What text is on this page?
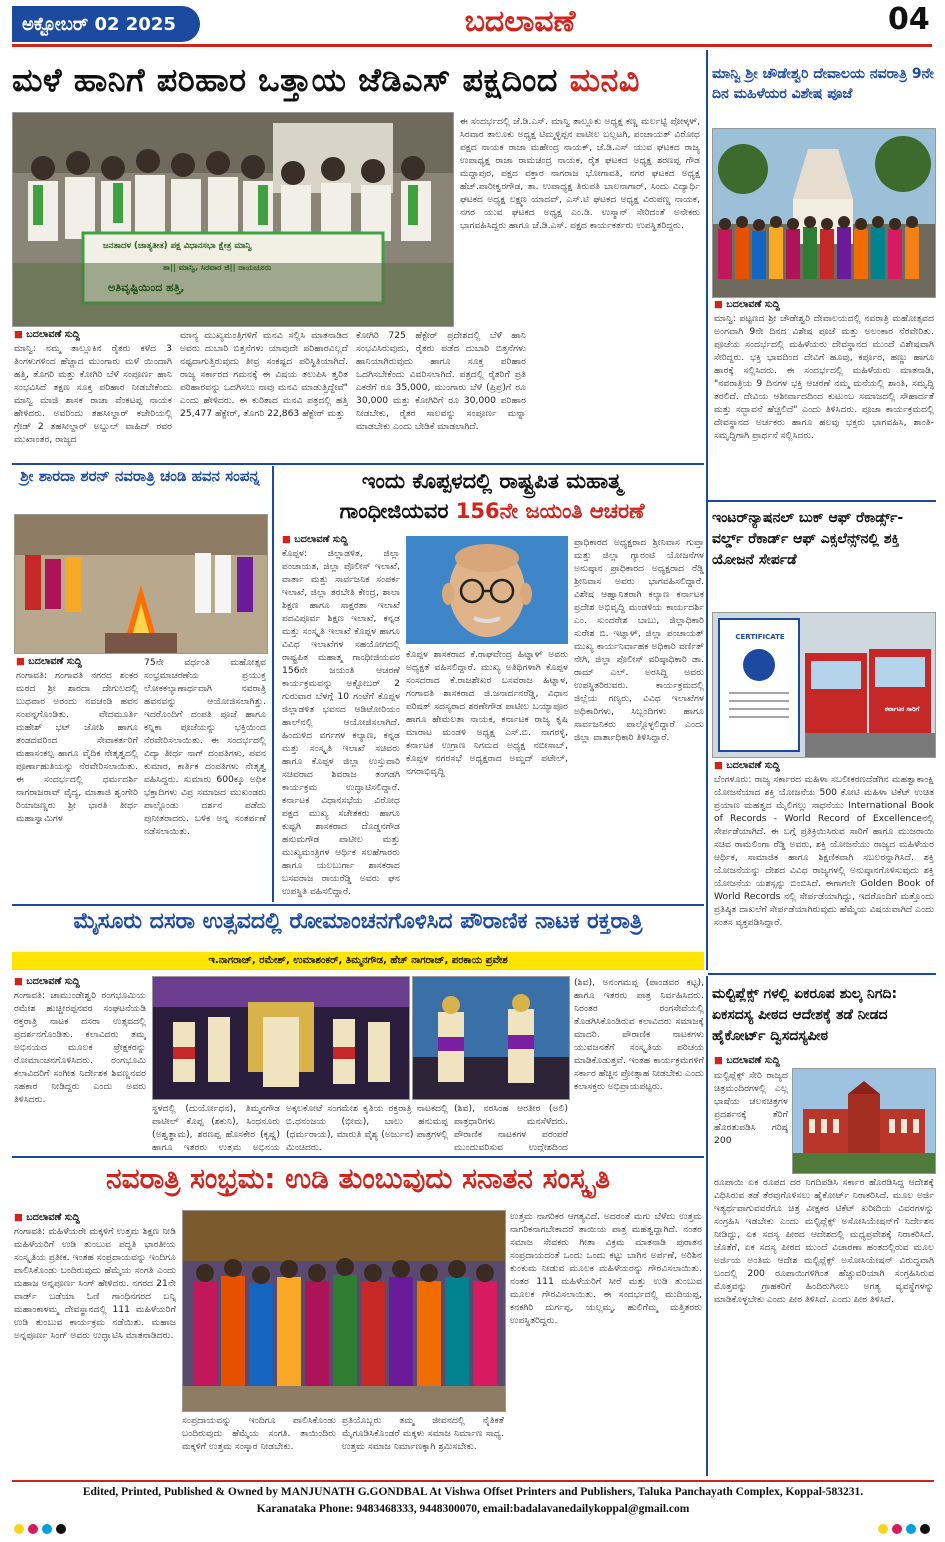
ಅಕ್ಟೋಬರ್ 02 2025	ಬದಲಾವಣೆ	04
ಮಳೆ ಹಾನಿಗೆ ಪರಿಹಾರ ಒತ್ತಾಯ ಜೆಡಿಎಸ್ ಪಕ್ಷದಿಂದ ಮನವಿ
ಜನತಾದಳ (ಜಾತ್ಯತೀತ) ಪಕ್ಷ ವಿಧಾನಸಭಾ ಕ್ಷೇತ್ರ ಮಾನ್ವಿ
ತಾ|| ಮಾನ್ವಿ, ಸಿರವಾರ ಜಿ|| ರಾಯಚೂರು
ಅತಿವೃಷ್ಟಿಯಿಂದ ಹತ್ತಿ,
■ ಬದಲಾವಣೆ ಸುದ್ದಿ
ಮಾನ್ವಿ: ನಮ್ಮ ತಾಲ್ಲೂಕಿನ ರೈತರು ಕಳೆದ 3 ತಿಂಗಳುಗಳಿಂದ ಹೆಚ್ಚಾದ ಮುಂಗಾರು ಮಳೆ ಯಿಂದಾಗಿ ಹತ್ತಿ, ತೊಗರಿ ಮತ್ತು ಕೋಗಿರಿ ಬೆಳೆ ಸಂಪೂರ್ಣ ಹಾನಿ ಸಂಭವಿಸಿದೆ ತಕ್ಷಣ ಸೂಕ್ತ ಪರಿಹಾರ ನೀಡಬೇಕೆಂದು ಮಾನ್ವಿ ಮಾಜಿ ಶಾಸಕ ರಾಜಾ ವೆಂಕಟಪ್ಪ ನಾಯಕ ಹೇಳಿದರು. ಅವರಿಂದು ತಹಸೀಲ್ದಾರ್ ಕಚೇರಿಯಲ್ಲಿ ಗ್ರೇಡ್ 2 ತಹಸೀಲ್ದಾರ್ ಅಬ್ದುಲ್ ವಾಹಿದ್ ರವರ ಮುಖಾಂತರ, ರಾಜ್ಯದ
ಮಾನ್ಯ ಮುಖ್ಯಮಂತ್ರಿಗಳಿಗೆ ಮನವಿ ಸಲ್ಲಿಸಿ ಮಾತನಾಡಿದ ಅವರು ದುಬಾರಿ ಬಿತ್ತನೆಗಳು ಯಾವುದೇ ಪರಿಹಾರವಿಲ್ಲದೆ ನಷ್ಟದಾಗುತ್ತಿರುವುದು ತೀವ್ರ ಸಂಕಷ್ಟದ ಪರಿಸ್ಥಿತಿಯಾಗಿದೆ. ರಾಜ್ಯ ಸರ್ಕಾರದ ಗಮನಕ್ಕೆ ಈ ವಿಷಯ ತಲುಪಿಸಿ ತ್ವರಿತ ಪರಿಹಾರವನ್ನು ಒದಗಿಸಲು ನಾವು ಮನವಿ ಮಾಡುತ್ತಿದ್ದೇವೆ" ಎಂದು ಹೇಳಿದರು. ಈ ಕುರಿತಾದ ಮನವಿ ಪತ್ರದಲ್ಲಿ ಹತ್ತಿ 25,477 ಹೆಕ್ಟೇರ್, ತೊಗರಿ 22,863 ಹೆಕ್ಟೇರ್ ಮತ್ತು
ಕೋಗಿರಿ 725 ಹೆಕ್ಟೇರ್ ಪ್ರದೇಶದಲ್ಲಿ ಬೆಳೆ ಹಾನಿ ಸಂಭವಿಸಿರುವುದು, ರೈತರು ಪಡೆದ ದುಬಾರಿ ಬಿತ್ತನೆಗಳು ಹಾನಿಯಾಗಿರುವುದು ಹಾಗೂ ಸೂಕ್ತ ಪರಿಹಾರ ಒದಗಿಸಬೇಕೆಂದು ವಿವರಿಸಲಾಗಿದೆ. ಪತ್ರದಲ್ಲಿ ರೈತರಿಗೆ ಪ್ರತಿ ಎಕರೆಗೆ ರೂ 35,000, ಮುಂಗಾರು ಬೆಳೆ (ಪ್ರಿಪ್ರ)ಗೆ ರೂ 30,000 ಮತ್ತು ಕೋಗಿರಿಗೆ ರೂ 30,000 ಪರಿಹಾರ ನೀಡಬೇಕು, ರೈತರ ಸಾಲವನ್ನು ಸಂಪೂರ್ಣ ಮನ್ನಾ ಮಾಡಬೇಕು ಎಂದು ಬೇಡಿಕೆ ಮಾಡಲಾಗಿದೆ.
ಈ ಸಂದರ್ಭದಲ್ಲಿ ಜೆ.ಡಿ.ಎಸ್. ಮಾನ್ವಿ ತಾಲ್ಲೂಕು ಅಧ್ಯಕ್ಷ ಕಣ್ಣ ಮರ್ಲಟ್ಟಿ ಪೋಳ್ಕಳ್, ಸಿರವಾರ ತಾಲೂಕು ಅಧ್ಯಕ್ಷ ಟಿಮ್ಮಳ್ಳಿಪ್ಪನ ಪಾಟೀಲ ಬಲ್ಲಟಗಿ, ಪಂಚಾಯತ್ ವಿರೋಧ ಪಕ್ಷದ ನಾಯಕ ರಾಜಾ ಮಹೇಂದ್ರ ನಾಯಕ್, ಜೆ.ಡಿ.ಎಸ್ ಯುವ ಘಟಕದ ರಾಜ್ಯ ಉಪಾಧ್ಯಕ್ಷ ರಾಜಾ ರಾಮಚಂದ್ರ ನಾಯಕ, ರೈತ ಘಟಕದ ಅಧ್ಯಕ್ಷ ಶರಣಪ್ಪ ಗೌಡ ಮದ್ದಾಪುರ, ಪಕ್ಷದ ವಕ್ತಾರ ನಾಗರಾಜ ಭೋಗಾವತಿ, ನಗರ ಘಟಕದ ಅಧ್ಯಕ್ಷ ಹೆಚ್.ಪಾರೀಕ್ವರಗೌಡ, ತಾ. ಉಪಾಧ್ಯಕ್ಷ ತಿರುಪತಿ ಬಾಲನಾಗಾರ್, ಸಿಂದು ವಿದ್ಯಾರ್ಥಿ ಘಟಕದ ಅಧ್ಯಕ್ಷ ಲಕ್ಷ್ಮಣ ಯಾದವ್, ಎಸ್.ಟಿ ಘಟಕದ ಅಧ್ಯಕ್ಷ ವಿರುಪಣ್ಣ ನಾಯಕ, ನಗರ ಯುವ ಘಟಕದ ಅಧ್ಯಕ್ಷ ಎಂ.ಡಿ. ಉಸ್ಮಾನ್ ಸೇರಿದಂತೆ ಅನೇಕರು ಭಾಗವಹಿಸಿದ್ದರು ಹಾಗೂ ಜೆ.ಡಿ.ಎಸ್. ಪಕ್ಷದ ಕಾರ್ಯಕರ್ತರು ಉಪಸ್ಥಿತರಿದ್ದರು.
ಮಾನ್ವಿ ಶ್ರೀ ಚೌಡೇಶ್ವರಿ ದೇವಾಲಯ ನವರಾತ್ರಿ 9ನೇ ದಿನ ಮಹಿಳೆಯರ ವಿಶೇಷ ಪೂಜೆ
■ ಬದಲಾವಣೆ ಸುದ್ದಿ
ಮಾನ್ವಿ: ಪಟ್ಟಣದ ಶ್ರೀ ಚೌಡೇಶ್ವರಿ ದೇವಾಲಯದಲ್ಲಿ ನವರಾತ್ರಿ ಮಹೋತ್ಸವದ ಅಂಗವಾಗಿ 9ನೇ ದಿನದ ವಿಶೇಷ ಪೂಜೆ ಮತ್ತು ಅಲಂಕಾರ ನೆರವೇರಿತು. ಪೂಜೆಯ ಸಂದರ್ಭದಲ್ಲಿ ಮಹಿಳೆಯರು ದೇವಸ್ಥಾನದ ಮುಂದೆ ವಿಶೇಷವಾಗಿ ಸೇರಿದ್ದರು. ಭಕ್ತಿ ಭಾವದಿಂದ ದೇವಿಗೆ ಹೂವು, ಕರ್ಪೂರ, ಹಣ್ಣು ಹಾಗೂ ಹಾರಕ್ಕೆ ಸಲ್ಲಿಸಿದರು. ಈ ಸಂದರ್ಭದಲ್ಲಿ ಮಹಿಳೆಯರು ಮಾತನಾಡಿ, "ನವರಾತ್ರಿಯ 9 ದಿನಗಳ ಭಕ್ತಿ ಆಚರಣೆ ನಮ್ಮ ಮನೆಯಲ್ಲಿ ಶಾಂತಿ, ಸಮೃದ್ಧಿ ತರಲಿದೆ. ದೇವಿಯ ಆಶೀರ್ವಾದದಿಂದ ಕುಟುಂಬ ಸಮಾಜದಲ್ಲಿ ಸೌಹಾರ್ದತೆ ಮತ್ತು ಸದ್ಭಾವನೆ ಹೆಚ್ಚಲಿದೆ" ಎಂದು ತಿಳಿಸಿದರು. ಪೂಜಾ ಕಾರ್ಯಕ್ರಮದಲ್ಲಿ ದೇವಸ್ಥಾನದ ಅರ್ಚಕರು ಹಾಗೂ ಹಲವು ಭಕ್ತರು ಭಾಗವಹಿಸಿ, ಶಾಂತಿ-ಸಮೃದ್ಧಿಗಾಗಿ ಪ್ರಾರ್ಥನೆ ಸಲ್ಲಿಸಿದರು.
ಶ್ರೀ ಶಾರದಾ ಶರನ್ ನವರಾತ್ರಿ ಚಂಡಿ ಹವನ ಸಂಪನ್ನ
■ ಬದಲಾವಣೆ ಸುದ್ದಿ
ಗಂಗಾವತಿ: ಗಂಗಾವತಿ ನಗರದ ಶಂಕರ ಮಠದ ಶ್ರೀ ಶಾರದಾ ದೇಗುಲದಲ್ಲಿ ಬುಧವಾರ ಅರಂದು ನವಚಂಡಿ ಹವನ ಸಂಪನ್ನಗೊಂಡಿತು. ವೇದಮೂರ್ತಿ ಮಹೇಶ್ ಭಟ್ ಜೋಶಿ ಹಾಗೂ ತಂಡದವರಿಂದ ಸೇವಾಕರ್ತರಿಗೆ ಮಹಾಸಂಕಲ್ಪ ಹಾಗೂ ವೈದಿಕ ನೇತೃತ್ವದಲ್ಲಿ ಪೂರ್ಣಾಹುತಿಯನ್ನು ನೆರವೇರಿಸಲಾಯಿತು. ಈ ಸಂದರ್ಭದಲ್ಲಿ ಧರ್ಮದರ್ಶಿ ನಾಗರಾಜರಾವ್ ವೈದ್ಯ, ಮಾತಾಜಿ ಶೃಂಗೇರಿ ರಿಯಾಜಣ್ಣರು ಶ್ರೀ ಭಾರತಿ ತೀರ್ಥ ಮಹಾಸ್ವಾಮಿಗಳ
75ನೇ ವರ್ಧಂತಿ ಮಹೋತ್ಸವ ಸಂಭ್ರಮಾಚರಣೆಯ ಪ್ರಯುಕ್ತ ಲೋಕಕಲ್ಯಾಣಾರ್ಥವಾಗಿ ನವರಾತ್ರಿ ಹವನವನ್ನು ಆಯೋಜಿಸಲಾಗಿತ್ತು. ಇದರೊಂದಿಗೆ ದಂಪತಿ ಪೂಜೆ ಹಾಗೂ ಕನ್ನಿಕಾ ಪೂಜೆಯನ್ನು ಭಕ್ತಿಯಿಂದ ನೆರವೇರಿಸಲಾಯಿತು. ಈ ಸಂದರ್ಭದಲ್ಲಿ ವಿದ್ಯಾ ತೀರ್ಥ ನಾಗ್ ದಂಪತಿಗಳು, ಪವನ ಕುಮಾರ, ಕಾರ್ತಿಕ ದಂಪತಿಗಳು ನೇತೃತ್ವ ವಹಿಸಿದ್ದರು. ಸುಮಾರು 600ಕ್ಕೂ ಅಧಿಕ ಭಕ್ತಾದಿಗಳು ವಿಪ್ರ ಸಮಾಜದ ಮುಖಂಡರು ಪಾಲ್ಗೊಂಡು ದರ್ಶನ ಪಡೆದು ಪುನೀತರಾದರು. ಬಳಿಕ ಅನ್ನ ಸಂತರ್ಪಣೆ ನಡೆಸಲಾಯಿತು.
ಇಂದು ಕೊಪ್ಪಳದಲ್ಲಿ ರಾಷ್ಟ್ರಪಿತ ಮಹಾತ್ಮ
ಗಾಂಧೀಜಿಯವರ 156ನೇ ಜಯಂತಿ ಆಚರಣೆ
■ ಬದಲಾವಣೆ ಸುದ್ದಿ
ಕೊಪ್ಪಳ: ಜಿಲ್ಲಾಡಳಿತ, ಜಿಲ್ಲಾ ಪಂಚಾಯತ, ಜಿಲ್ಲಾ ಪೊಲೀಸ್ ಇಲಾಖೆ, ವಾರ್ತಾ ಮತ್ತು ಸಾರ್ವಜನಿಕ ಸಂಪರ್ಕ ಇಲಾಖೆ, ಜಿಲ್ಲಾ ತರಬೇತಿ ಕೇಂದ್ರ, ಶಾಲಾ ಶಿಕ್ಷಣ ಹಾಗೂ ಸಾಕ್ಷರತಾ ಇಲಾಖೆ ಪದವಿಪೂರ್ವ ಶಿಕ್ಷಣ ಇಲಾಖೆ, ಕನ್ನಡ ಮತ್ತು ಸಂಸ್ಕೃತಿ ಇಲಾಖೆ ಕೊಪ್ಪಳ ಹಾಗೂ ವಿವಿಧ ಇಲಾಖೆಗಳ ಸಹಯೋಗದಲ್ಲಿ ರಾಷ್ಟ್ರಪಿತ ಮಹಾತ್ಮ ಗಾಂಧೀಜಿಯವರ 156ನೇ ಜಯಂತಿ ಆಚರಣೆ ಕಾರ್ಯಕ್ರಮವನ್ನು ಅಕ್ಟೋಬರ್ 2 ಗುರುವಾರ ಬೆಳಗ್ಗೆ 10 ಗಂಟೆಗೆ ಕೊಪ್ಪಳ ಜಿಲ್ಲಾಡಳಿತ ಭವನದ ಆಡಿಟೋರಿಯಂ ಹಾಲ್‌ನಲ್ಲಿ ಆಯೋಜಿಸಲಾಗಿದೆ. ಹಿಂದುಳಿದ ವರ್ಗಗಳ ಕಲ್ಯಾಣ, ಕನ್ನಡ ಮತ್ತು ಸಂಸ್ಕೃತಿ ಇಲಾಖೆ ಸಚಿವರು ಹಾಗೂ ಕೊಪ್ಪಳ ಜಿಲ್ಲಾ ಉಸ್ತುವಾರಿ ಸಚಿವರಾದ ಶಿವರಾಜ ತಂಗಡಗಿ ಕಾರ್ಯಕ್ರಮ ಉದ್ಘಾಟಿಸಲಿದ್ದಾರೆ. ಕರ್ನಾಟಕ ವಿಧಾನಸಭೆಯ ವಿರೋಧ ಪಕ್ಷದ ಮುಖ್ಯ ಸಚೇತಕರು ಹಾಗೂ ಕುಷ್ಟಗಿ ಶಾಸಕರಾದ ದೊಡ್ಡನಗೌಡ ಹನುಮಗೌಡ ಪಾಟೀಲ ಮತ್ತು ಮುಖ್ಯಮಂತ್ರಿಗಳ ಆರ್ಥಿಕ ಸಲಹೆಗಾರರು ಹಾಗೂ ಯಲಬುರ್ಗಾ ಶಾಸಕರಾದ ಬಸವರಾಜ ರಾಯರೆಡ್ಡಿ ಅವರು ಘನ ಉಪಸ್ಥಿತಿ ವಹಿಸಲಿದ್ದಾರೆ.
ಕೊಪ್ಪಳ ಶಾಸಕರಾದ ಕೆ.ರಾಘವೇಂದ್ರ ಹಿಟ್ನಾಳ್ ಅವರು ಅಧ್ಯಕ್ಷತೆ ವಹಿಸಲಿದ್ದಾರೆ. ಮುಖ್ಯ ಅತಿಥಿಗಳಾಗಿ ಕೊಪ್ಪಳ ಸಂಸದರಾದ ಕೆ.ರಾಜಶೇಖರ ಬಸವರಾಜ ಹಿಟ್ನಾಳ, ಗಂಗಾವತಿ ಶಾಸಕರಾದ ಜಿ.ಜನಾರ್ದನರೆಡ್ಡಿ, ವಿಧಾನ ಪರಿಷತ್ ಸದಸ್ಯರಾದ ಶರಣೇಗೌಡ ಪಾಟೀಲ ಬಯ್ಯಾಪೂರ ಹಾಗೂ ಹೇಮಲತಾ ನಾಯಕ, ಕರ್ನಾಟಕ ರಾಜ್ಯ ಕೃಷಿ ಮಾರಾಟ ಮಂಡಳಿ ಅಧ್ಯಕ್ಷ ಎಸ್.ಬಿ. ನಾಗರಳ್ಳಿ, ಕರ್ನಾಟಕ ಉಗ್ರಾಣ ನಿಗಮದ ಅಧ್ಯಕ್ಷ ನಬೀಸಾಬ್, ಕೊಪ್ಪಳ ನಗರಸಭೆ ಅಧ್ಯಕ್ಷರಾದ ಅಮ್ಜದ್ ಪಟೇಲ್, ನಗರಾಭಿವೃದ್ಧಿ
ಪ್ರಾಧಿಕಾರದ ಅಧ್ಯಕ್ಷರಾದ ಶ್ರೀನಿವಾಸ ಗುಪ್ತಾ ಮತ್ತು ಜಿಲ್ಲಾ ಗ್ಯಾರಂಟಿ ಯೋಜನೆಗಳ ಅನುಷ್ಠಾನ ಪ್ರಾಧಿಕಾರದ ಅಧ್ಯಕ್ಷರಾದ ರೆಡ್ಡಿ ಶ್ರೀನಿವಾಸ ಅವರು ಭಾಗವಹಿಸಲಿದ್ದಾರೆ. ವಿಶೇಷ ಆಹ್ವಾನಿತರಾಗಿ ಕಲ್ಯಾಣ ಕರ್ನಾಟಕ ಪ್ರದೇಶ ಅಭಿವೃದ್ಧಿ ಮಂಡಳಿಯ ಕಾರ್ಯದರ್ಶಿ ಎಂ. ಸುಂದರೇಶ ಬಾಬು, ಜಿಲ್ಲಾಧಿಕಾರಿ ಸುರೇಶ ಬಿ. ಇಟ್ನಾಳ್, ಜಿಲ್ಲಾ ಪಂಚಾಯತ್ ಮುಖ್ಯ ಕಾರ್ಯನಿರ್ವಾಹಕ ಅಧಿಕಾರಿ ವರ್ಣಿತ್ ನೇಗಿ, ಜಿಲ್ಲಾ ಪೊಲೀಸ್ ವರಿಷ್ಠಾಧಿಕಾರಿ ಡಾ. ರಾಮ್ ಎಲ್. ಅರಸಿದ್ದಿ ಅವರು ಉಪಸ್ಥಿತರಿರುವರು. ಕಾರ್ಯಕ್ರಮದಲ್ಲಿ ಜಿಲ್ಲೆಯ ಗಣ್ಯರು, ವಿವಿಧ ಇಲಾಖೆಗಳ ಅಧಿಕಾರಿಗಳು, ಸಿಬ್ಬಂದಿಗಳು ಹಾಗೂ ಸಾರ್ವಜನಿಕರು ಪಾಲ್ಗೊಳ್ಳಲಿದ್ದಾರೆ ಎಂದು ಜಿಲ್ಲಾ ವಾರ್ತಾಧಿಕಾರಿ ತಿಳಿಸಿದ್ದಾರೆ.
ಇಂಟರ್‌ನ್ಯಾಷನಲ್ ಬುಕ್ ಆಫ್ ರೆಕಾರ್ಡ್ಸ್-ವರ್ಲ್ಡ್ ರೆಕಾರ್ಡ್ ಆಫ್ ಎಕ್ಸಲೆನ್ಸ್‌ನಲ್ಲಿ ಶಕ್ತಿ ಯೋಜನೆ ಸೇರ್ಪಡೆ
CERTIFICATE
ಕರ್ನಾಟಕ ಸಾರಿಗೆ
■ ಬದಲಾವಣೆ ಸುದ್ದಿ
ಬೆಂಗಳೂರು: ರಾಜ್ಯ ಸರ್ಕಾರದ ಮಹಿಳಾ ಸಬಲೀಕರಣದೆಡೆಗಿನ ಮಹತ್ವಾಕಾಂಕ್ಷಿ ಯೋಜನೆಯಾದ ಶಕ್ತಿ ಯೋಜನೆಯ 500 ಕೋಟಿ ಮಹಿಳಾ ಟಿಕೆಟ್ ಉಚಿತ ಪ್ರಯಾಣ ಮಹತ್ವದ ಮೈಲಿಗಲ್ಲು ಸಾಧನೆಯು International Book of Records - World Record of Excellenceನಲ್ಲಿ ಸೇರ್ಪಡೆಯಾಗಿದೆ. ಈ ಬಗ್ಗೆ ಪ್ರತಿಕ್ರಿಯಿಸಿರುವ ಸಾರಿಗೆ ಹಾಗೂ ಮುಜರಾಯಿ ಸಚಿವ ರಾಮಲಿಂಗಾ ರೆಡ್ಡಿ ಅವರು, ಶಕ್ತಿ ಯೋಜನೆಯು ರಾಜ್ಯದ ಮಹಿಳೆಯರ ಆರ್ಥಿಕ, ಸಾಮಾಜಿಕ ಹಾಗೂ ಶಿಕ್ಷಣಿಕವಾಗಿ ಸಬಲರನ್ನಾಗಿಸಿದೆ. ಶಕ್ತಿ ಯೋಜನೆಯನ್ನು ದೇಶದ ವಿವಿಧ ರಾಜ್ಯಗಳಲ್ಲಿ ಅನುಷ್ಠಾನಗೊಳಿಸುವುದು ಶಕ್ತಿ ಯೋಜನೆಯ ಯಶಸ್ಸನ್ನು ಬಿಂಬಿಸಿದೆ. ಈಗಾಗಲೇ Golden Book of World Records ನಲ್ಲಿ ಸೇರ್ಪಡೆಯಾಗಿದ್ದು, ಇದರೊಂದಿಗೆ ಮತ್ತೊಂದು ಪ್ರತಿಷ್ಠಿತ ದಾಖಲೆಗೆ ಸೇರ್ಪಡೆಯಾಗಿರುವುದು ಹೆಮ್ಮೆಯ ವಿಷಯವಾಗಿದೆ ಎಂದು ಸಂತಸ ವ್ಯಕ್ತಪಡಿಸಿದ್ದಾರೆ.
ಮೈಸೂರು ದಸರಾ ಉತ್ಸವದಲ್ಲಿ ರೋಮಾಂಚನಗೊಳಿಸಿದ ಪೌರಾಣಿಕ ನಾಟಕ ರಕ್ತರಾತ್ರಿ
ಇ.ನಾಗರಾಜ್, ರಮೇಶ್, ಉಮಾಶಂಕರ್, ತಿಮ್ಮನಗೌಡ, ಹೆಚ್ ನಾಗರಾಜ್, ಪರಕಾಯ ಪ್ರವೇಶ
■ ಬದಲಾವಣೆ ಸುದ್ದಿ
ಗಂಗಾವತಿ: ಚಾಮುಂಡೇಶ್ವರಿ ರಂಗಭೂಮಿಯ ರಮೇಶ ಹುಚ್ಚೀರಪ್ಪನವರ ಸಂಘಟನೆಯಡಿ ರಕ್ತರಾತ್ರಿ ನಾಟಕ ದಸರಾ ಉತ್ಸವದಲ್ಲಿ ಪ್ರದರ್ಶನಗೊಂಡಿತು. ಕಲಾವಿದರು ತಮ್ಮ ಅಭಿನಯದ ಮೂಲಕ ಪ್ರೇಕ್ಷಕರನ್ನು ರೋಮಾಂಚನಗೊಳಿಸಿದರು. ರಂಗಭೂಮಿ ಕಲಾವಿದರಿಗೆ ಸಂಗೀತ ನಿರ್ದೇಶಕ ಶಿವಣ್ಣನವರ ಸಹಕಾರ ನೀಡಿದ್ದರು ಎಂದು ಅವರು ತಿಳಿಸಿದರು.
ಸ್ಥಳದಲ್ಲಿ (ದುರ್ಯೋಧನ), ತಿಮ್ಮನಗೌಡ ಪಾಟೀಲ್ ಕೊಪ್ಪ (ಶಕುನಿ), ಸಿಂಧನೂರು (ಅಶ್ವತ್ಥಾಮ), ಶರಣಪ್ಪ ಹೊಸಕೇರ (ಕೃಷ್ಣ) ಹಾಗೂ ಇತರರು ಉತ್ತಮ ಅಭಿನಯ
ಅಕ್ಕಲಕೋಟೆ ಸಂಗಮೇಶ ಕೃತಿಯ ರಕ್ತರಾತ್ರಿ ನಾಟಕದಲ್ಲಿ ಬಿ.ಧನಂಜಯ (ಭೀಮ), ಬಾಲು ಹನುಮಪ್ಪ (ಧರ್ಮರಾಯ), ಮಾರುತಿ ವೈಶ್ಯ (ಅರ್ಜುನ) ಪಾತ್ರಗಳಲ್ಲಿ ಮಿಂಚಿದರು.
(ಶಿವ), ನರಸಿಂಹ ಆರತೀರ (ಅಲಿ) ಪಾತ್ರಧಾರಿಗಳು ಮನಸೆಳೆದರು. ಪೌರಾಣಿಕ ನಾಟಕಗಳ ಪರಂಪರೆ ಮುಂದುವರಿಸುವ ಉದ್ದೇಶದಿಂದ
(ಶಿವ), ಅನಂಗಮಪ್ಪ (ಪಾಂಡವರ ಕಟ್ಟ), ಹಾಗೂ ಇತರರು ಪಾತ್ರ ನಿರ್ವಹಿಸಿದರು. ನಿರಂತರ ರಂಗಸೇವೆಯಲ್ಲಿ ತೊಡಗಿಸಿಕೊಂಡಿರುವ ಕಲಾವಿದರು ಸಮಾಜಕ್ಕೆ ಮಾದರಿ. ಪೌರಾಣಿಕ ನಾಟಕಗಳು ಯುವಜನತೆಗೆ ಸಂಸ್ಕೃತಿಯ ಪರಿಚಯ ಮಾಡಿಕೊಡುತ್ತವೆ. ಇಂತಹ ಕಾರ್ಯಕ್ರಮಗಳಿಗೆ ಸರ್ಕಾರ ಹೆಚ್ಚಿನ ಪ್ರೋತ್ಸಾಹ ನೀಡಬೇಕು ಎಂದು ಕಲಾಸಕ್ತರು ಅಭಿಪ್ರಾಯಪಟ್ಟರು.
ಮಲ್ಟಿಪ್ಲೆಕ್ಸ್ ಗಳಲ್ಲಿ ಏಕರೂಪ ಶುಲ್ಕ ನಿಗದಿ: ಏಕಸದಸ್ಯ ಪೀಠದ ಆದೇಶಕ್ಕೆ ತಡೆ ನೀಡದ ಹೈಕೋರ್ಟ್ ದ್ವಿಸದಸ್ಯಪೀಠ
■ ಬದಲಾವಣೆ ಸುದ್ದಿ
ಮಲ್ಟಿಪ್ಲೆಕ್ಸ್ ಸೇರಿ ರಾಜ್ಯದ ಚಿತ್ರಮಂದಿರಗಳಲ್ಲಿ ಎಲ್ಲ ಭಾಷೆಯ ಚಲನಚಿತ್ರಗಳ ಪ್ರದರ್ಶನಕ್ಕೆ ತೆರಿಗೆ ಹೊರತುಪಡಿಸಿ ಗರಿಷ್ಠ 200
ರೂಪಾಯಿ ಏಕ ರೂಪದ ದರ ನಿಗದಿಪಡಿಸಿ ಸರ್ಕಾರ ಹೊರಡಿಸಿದ್ದ ಆದೇಶಕ್ಕೆ ವಿಧಿಸಿರುವ ತಡೆ ತೆರವುಗೊಳಿಸಲು ಹೈಕೋರ್ಟ್ ನಿರಾಕರಿಸಿದೆ. ಮೂಲ ಅರ್ಜಿ ಇತ್ಯರ್ಥವಾಗುವವರೆಗೂ ಚಿತ್ರ ವೀಕ್ಷಕರ ಟಿಕೆಟ್ ಖರೀದಿಯ ವಿವರಗಳನ್ನು ಸಂಗ್ರಹಿಸಿ ಇಡಬೇಕು ಎಂದು ಮಲ್ಟಿಪ್ಲೆಕ್ಸ್ ಅಸೋಸಿಯೇಷನ್‌ಗೆ ನಿರ್ದೇಶನ ನೀಡಿದ್ದು, ಏಕ ಸದಸ್ಯ ಪೀಠದ ಆದೇಶದಲ್ಲಿ ಮಧ್ಯಪ್ರವೇಶಕ್ಕೆ ನಿರಾಕರಿಸಿದೆ. ಜೊತೆಗೆ, ಏಕ ಸದಸ್ಯ ಪೀಠದ ಮುಂದೆ ವಿಚಾರಣಾ ಹಂತದಲ್ಲಿರುವ ಮೂಲ ಅರ್ಜಿಯ ಅಂತಿಮ ಆದೇಶ ಮಲ್ಟಿಪ್ಲೆಕ್ಸ್ ಅಸೋಸಿಯೇಷನ್ ವಿರುದ್ಧವಾಗಿ ಬಂದಲ್ಲಿ 200 ರೂಪಾಯಿಗಳಿಗಿಂತ ಹೆಚ್ಚುವರಿಯಾಗಿ ಸಂಗ್ರಹಿಸಿರುವ ಮೊತ್ತವನ್ನು ಗ್ರಾಹಕರಿಗೆ ಹಿಂದಿರುಗಿಸಲು ಅಗತ್ಯ ವ್ಯವಸ್ಥೆಗಳನ್ನು ಮಾಡಿಕೊಳ್ಳಬೇಕು ಎಂದು ಪೀಠ ತಿಳಿಸಿದೆ. ಎಂದು ಪೀಠ ತಿಳಿಸಿದೆ.
ನವರಾತ್ರಿ ಸಂಭ್ರಮ: ಉಡಿ ತುಂಬುವುದು ಸನಾತನ ಸಂಸ್ಕೃತಿ
■ ಬದಲಾವಣೆ ಸುದ್ದಿ
ಗಂಗಾವತಿ: ಮಹಿಳೆಯರೇ ಮಕ್ಕಳಿಗೆ ಉತ್ತಮ ಶಿಕ್ಷಣ ನೀಡಿ ಮಹಿಳೆಯರಿಗೆ ಉಡಿ ತುಂಬುವ ಪದ್ಧತಿ ಭಾರತೀಯ ಸಂಸ್ಕೃತಿಯ ಪ್ರತೀಕ. ಇಂತಹ ಸಂಪ್ರದಾಯವನ್ನು ಇಂದಿಗೂ ಪಾಲಿಸಿಕೊಂಡು ಬಂದಿರುವುದು ಹೆಮ್ಮೆಯ ಸಂಗತಿ ಎಂದು ಮಹಾಜ ಅನ್ನಪೂರ್ಣ ಸಿಂಗ್ ಹೇಳಿದರು. ನಗರದ 21ನೇ ವಾರ್ಡ್ ಬಡೆಯಾ ಓಣಿ ಗಾಂಧಿನಗರದ ಬನ್ನಿ ಮಹಾಂಕಾಳಮ್ಮ ದೇವಸ್ಥಾನದಲ್ಲಿ 111 ಮಹಿಳೆಯರಿಗೆ ಉಡಿ ತುಂಬುವ ಕಾರ್ಯಕ್ರಮ ನಡೆಯಿತು. ಮಹಾಜ ಅನ್ನಪೂರ್ಣ ಸಿಂಗ್ ಅವರು ಉದ್ಘಾಟಿಸಿ ಮಾತನಾಡಿದರು.
ಸಂಪ್ರದಾಯವನ್ನು ಇಂದಿಗೂ ಪಾಲಿಸಿಕೊಂಡು ಬಂದಿರುವುದು ಹೆಮ್ಮೆಯ ಸಂಗತಿ. ತಾಯಿಂದಿರು ಮಕ್ಕಳಿಗೆ ಉತ್ತಮ ಸಂಸ್ಕಾರ ನೀಡಬೇಕು.
ಪ್ರತಿಯೊಬ್ಬರು ತಮ್ಮ ಜೀವನದಲ್ಲಿ ನೈತಿಕತೆ ಮೈಗೂಡಿಸಿಕೊಂಡರೆ ಮಕ್ಕಳು ಸಮಾಜ ನಿರ್ಮಾಣ ಸಾಧ್ಯ. ಉತ್ತಮ ಸಮಾಜ ನಿರ್ಮಾಣಕ್ಕಾಗಿ ಶ್ರಮಿಸಬೇಕು.
ಉತ್ತಮ ನಾಗರಿಕರ ಆಗತ್ಯವಿದೆ. ಅದರಂತೆ ಮಗು ಬೆಳೆದು ಉತ್ತಮ ನಾಗರಿಕನಾಗಬೇಕಾದರೆ ತಾಯಿಯ ಪಾತ್ರ ಮಹತ್ವದ್ದಾಗಿದೆ. ನಂತರ ಸಮಾಜ ಸೇವಕರು ಗೀತಾ ವಿಕ್ರಮ ಮಾತನಾಡಿ ಪುರಾತನ ಸಂಪ್ರದಾಯದಂತೆ ಒಂದು ಒಂದು ಕಟ್ಟು ಬಾಗಿನ ಅರ್ಪಣೆ, ಅರಿಶಿನ ಕುಂಕುಮ ನೀಡುವ ಮೂಲಕ ಮಹಿಳೆಯರನ್ನು ಗೌರವಿಸಲಾಯಿತು. ನಂತರ 111 ಮಹಿಳೆಯರಿಗೆ ಸೀರೆ ಮತ್ತು ಉಡಿ ತುಂಬುವ ಮೂಲಕ ಗೌರವಿಸಲಾಯಿತು. ಈ ಸಂದರ್ಭದಲ್ಲಿ ಮುದಿಯಪ್ಪ, ಕನಕಗಿರಿ ದುರ್ಗಪ್ಪ, ಯಲ್ಲಮ್ಮ, ಹುಲಿಗೆಮ್ಮ ಮತ್ತಿತರರು ಉಪಸ್ಥಿತರಿದ್ದರು.
Edited, Printed, Published & Owned by MANJUNATH G.GONDBAL At Vishwa Offset Printers and Publishers, Taluka Panchayath Complex, Koppal-583231.
Karanataka Phone: 9483468333, 9448300070, email:badalavanedailykoppal@gmail.com
